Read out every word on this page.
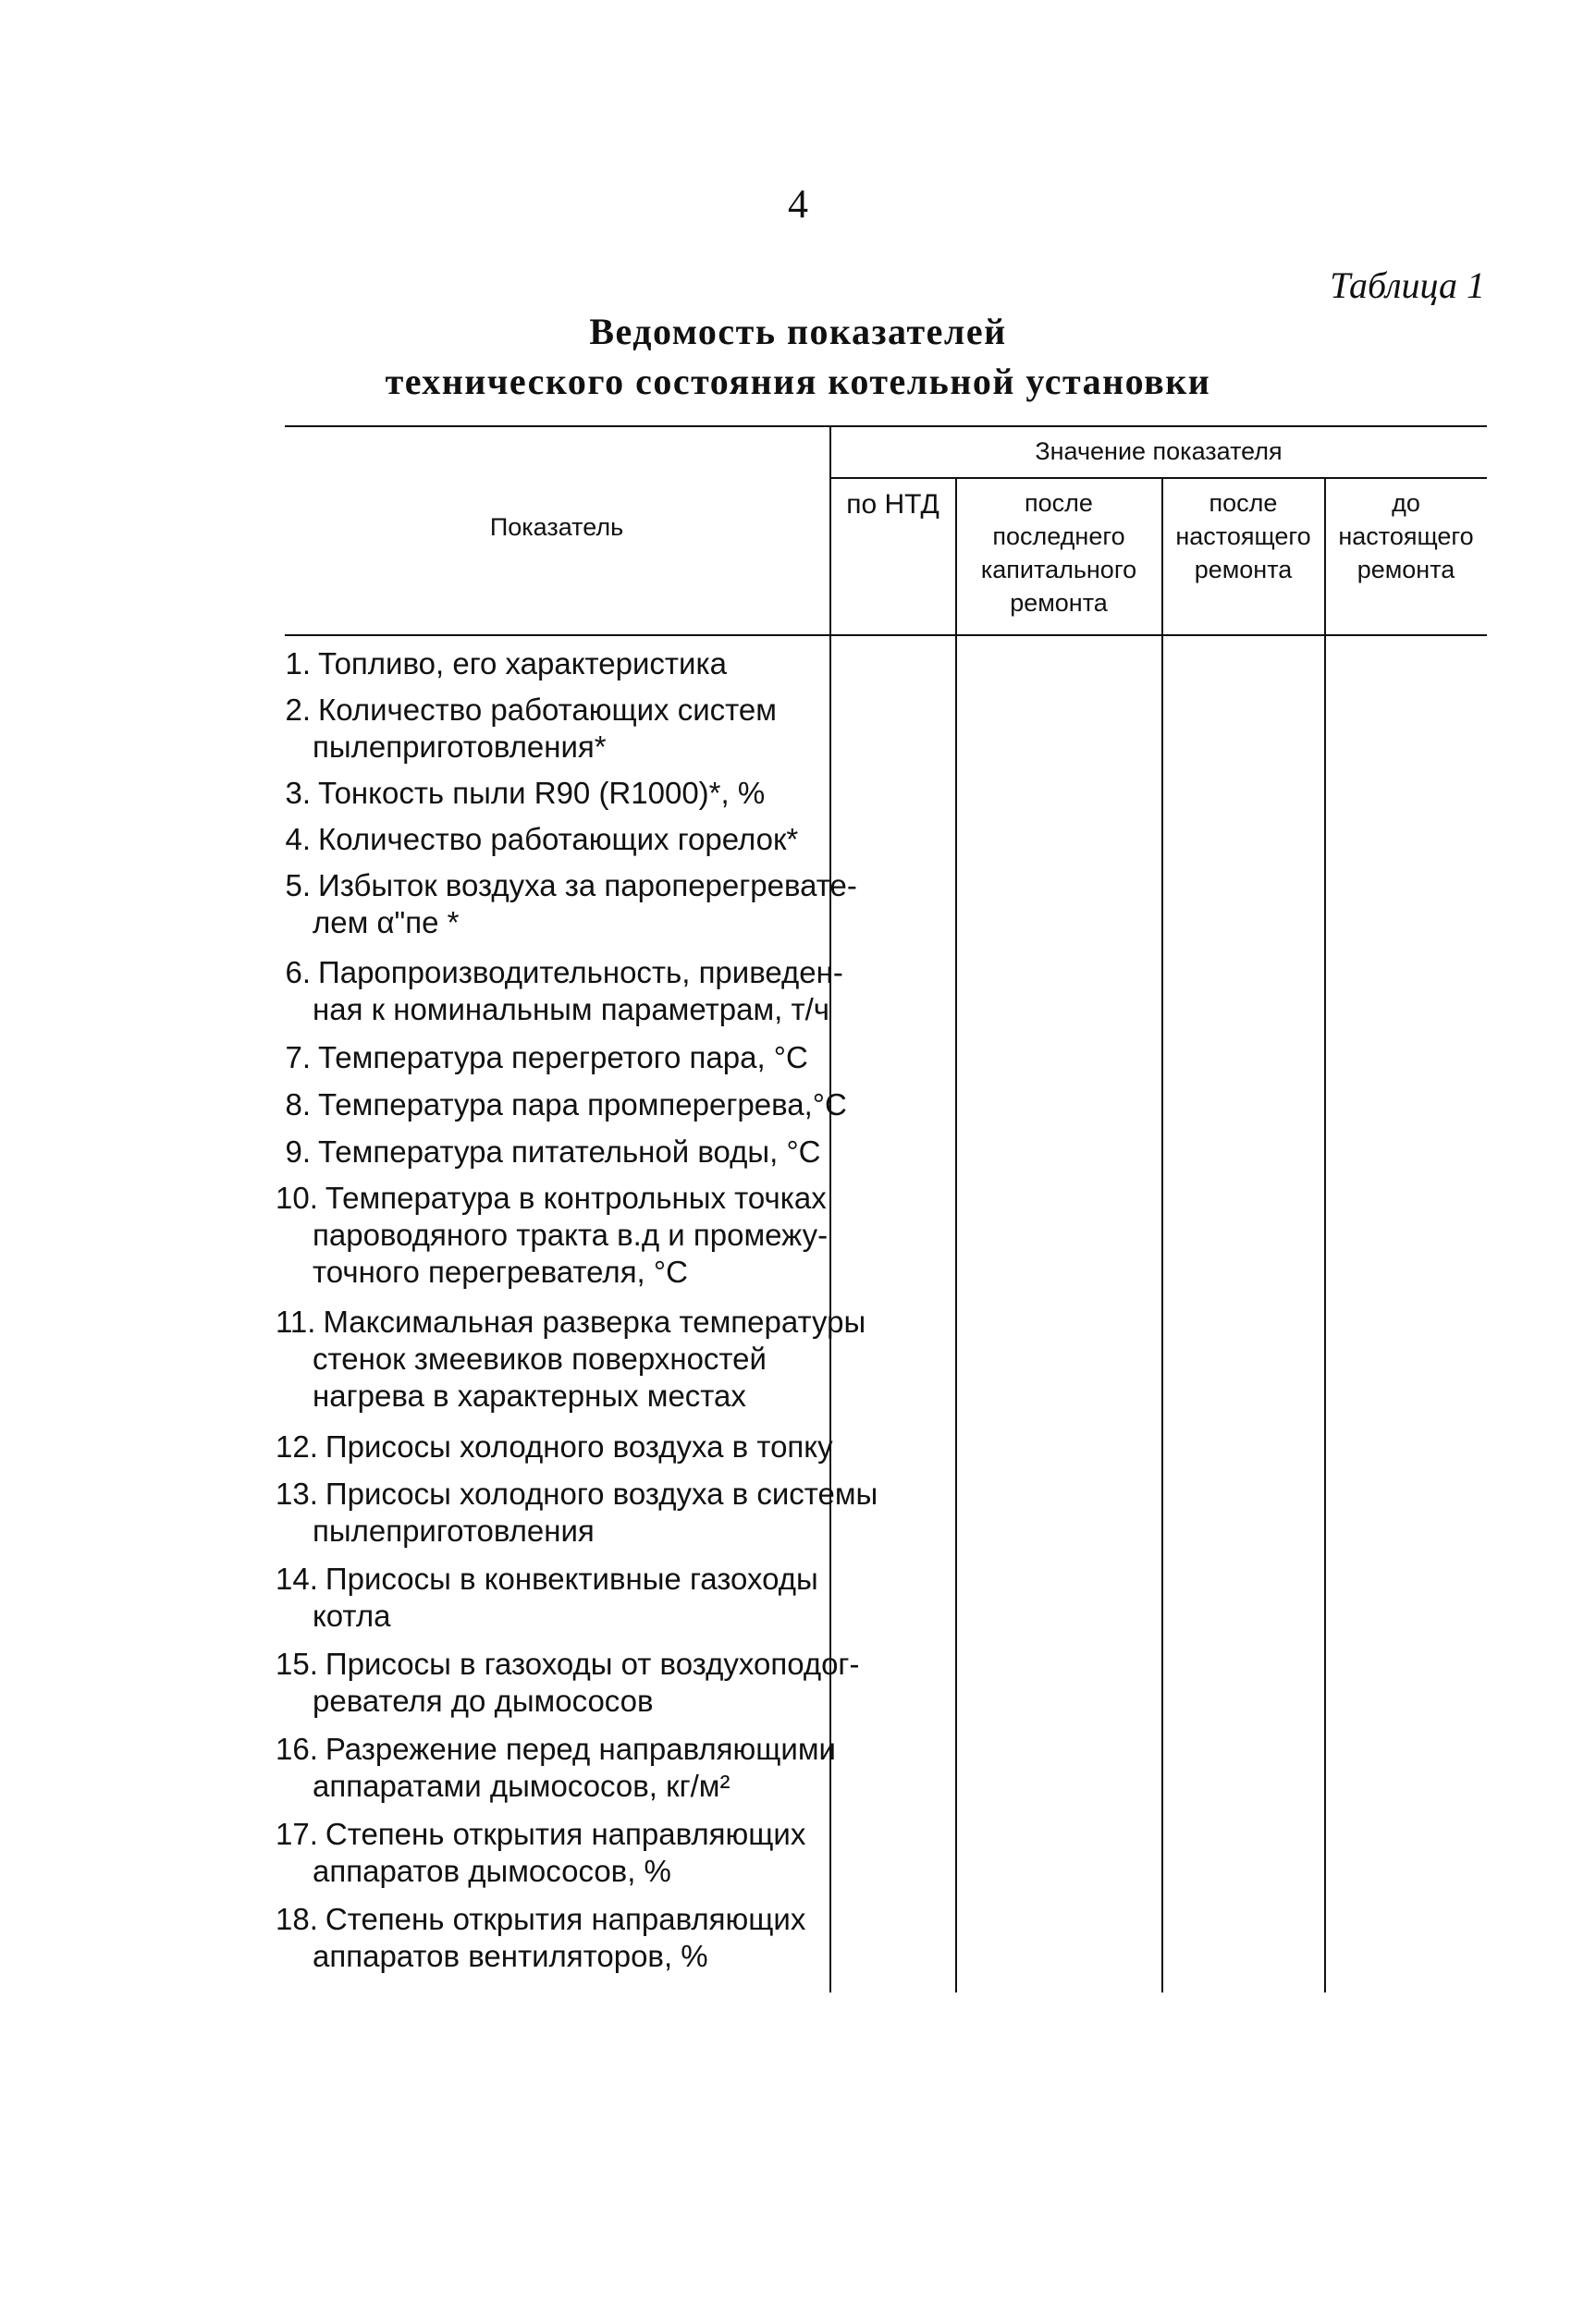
4
Таблица 1
Ведомость показателей
технического состояния котельной установки
Показатель
Значение показателя
по НТД	после
последнего
капитального
ремонта
после
настоящего
ремонта
до
настоящего
ремонта
1. Топливо, его характеристика
2. Количество работающих систем
пылеприготовления*
3. Тонкость пыли R90 (R1000)*, %
4. Количество работающих горелок*
5. Избыток воздуха за пароперегревате-
лем α"пе *
6. Паропроизводительность, приведен-
ная к номинальным параметрам, т/ч
7. Температура перегретого пара, °С
8. Температура пара промперегрева,°С
9. Температура питательной воды, °С
10. Температура в контрольных точках
пароводяного тракта в.д и промежу-
точного перегревателя, °С
11. Максимальная разверка температуры
стенок змеевиков поверхностей
нагрева в характерных местах
12. Присосы холодного воздуха в топку
13. Присосы холодного воздуха в системы
пылеприготовления
14. Присосы в конвективные газоходы
котла
15. Присосы в газоходы от воздухоподог-
ревателя до дымососов
16. Разрежение перед направляющими
аппаратами дымососов, кг/м²
17. Степень открытия направляющих
аппаратов дымососов, %
18. Степень открытия направляющих
аппаратов вентиляторов, %
